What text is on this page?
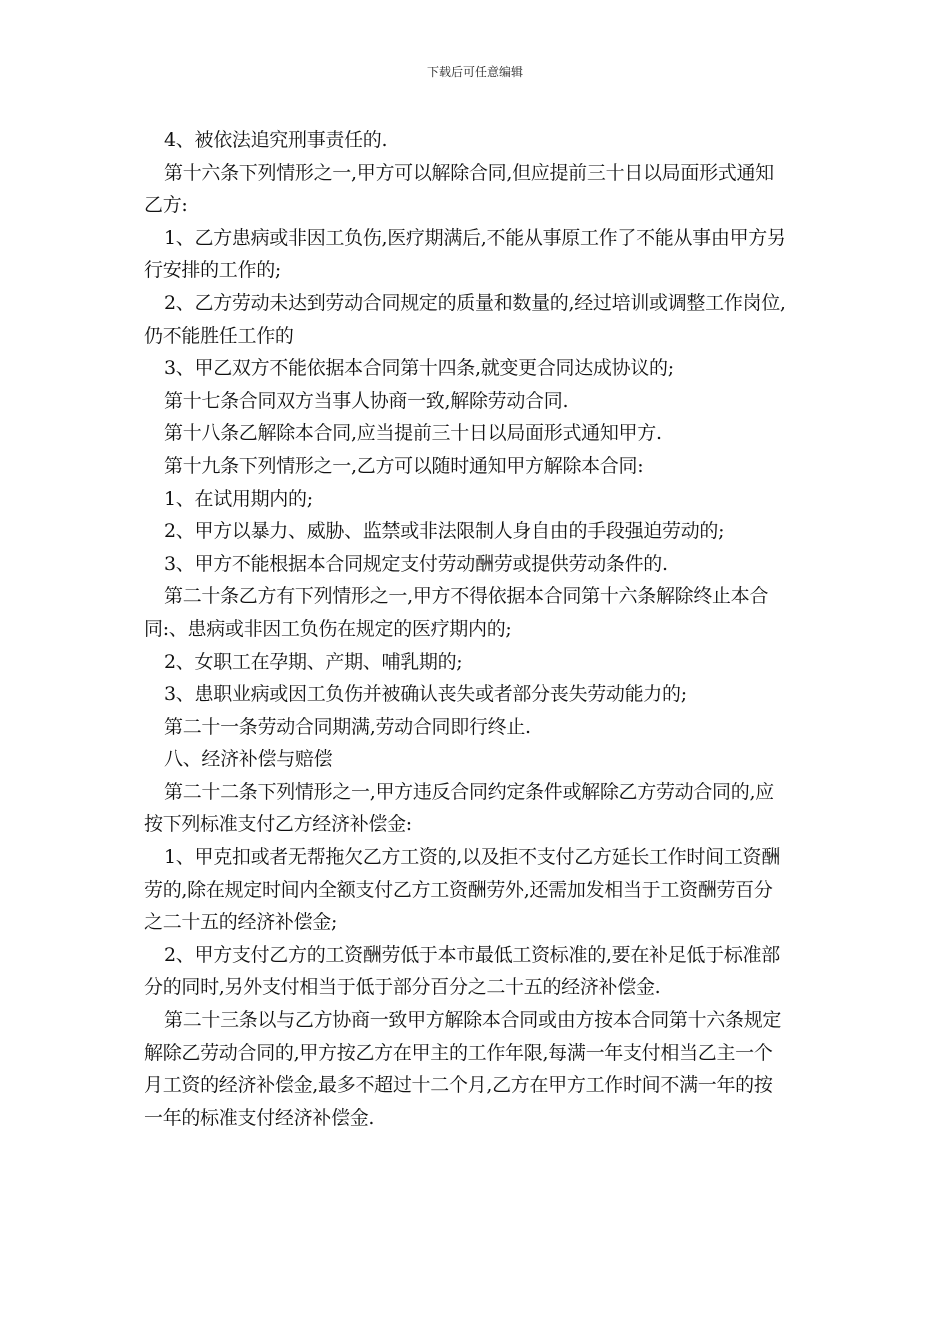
下载后可任意编辑
4、被依法追究刑事责任的.
第十六条下列情形之一,甲方可以解除合同,但应提前三十日以局面形式通知
乙方:
1、乙方患病或非因工负伤,医疗期满后,不能从事原工作了不能从事由甲方另
行安排的工作的;
2、乙方劳动未达到劳动合同规定的质量和数量的,经过培训或调整工作岗位,
仍不能胜任工作的
3、甲乙双方不能依据本合同第十四条,就变更合同达成协议的;
第十七条合同双方当事人协商一致,解除劳动合同.
第十八条乙解除本合同,应当提前三十日以局面形式通知甲方.
第十九条下列情形之一,乙方可以随时通知甲方解除本合同:
1、在试用期内的;
2、甲方以暴力、威胁、监禁或非法限制人身自由的手段强迫劳动的;
3、甲方不能根据本合同规定支付劳动酬劳或提供劳动条件的.
第二十条乙方有下列情形之一,甲方不得依据本合同第十六条解除终止本合
同:、患病或非因工负伤在规定的医疗期内的;
2、女职工在孕期、产期、哺乳期的;
3、患职业病或因工负伤并被确认丧失或者部分丧失劳动能力的;
第二十一条劳动合同期满,劳动合同即行终止.
八、经济补偿与赔偿
第二十二条下列情形之一,甲方违反合同约定条件或解除乙方劳动合同的,应
按下列标准支付乙方经济补偿金:
1、甲克扣或者无帮拖欠乙方工资的,以及拒不支付乙方延长工作时间工资酬
劳的,除在规定时间内全额支付乙方工资酬劳外,还需加发相当于工资酬劳百分
之二十五的经济补偿金;
2、甲方支付乙方的工资酬劳低于本市最低工资标准的,要在补足低于标准部
分的同时,另外支付相当于低于部分百分之二十五的经济补偿金.
第二十三条以与乙方协商一致甲方解除本合同或由方按本合同第十六条规定
解除乙劳动合同的,甲方按乙方在甲主的工作年限,每满一年支付相当乙主一个
月工资的经济补偿金,最多不超过十二个月,乙方在甲方工作时间不满一年的按
一年的标准支付经济补偿金.
